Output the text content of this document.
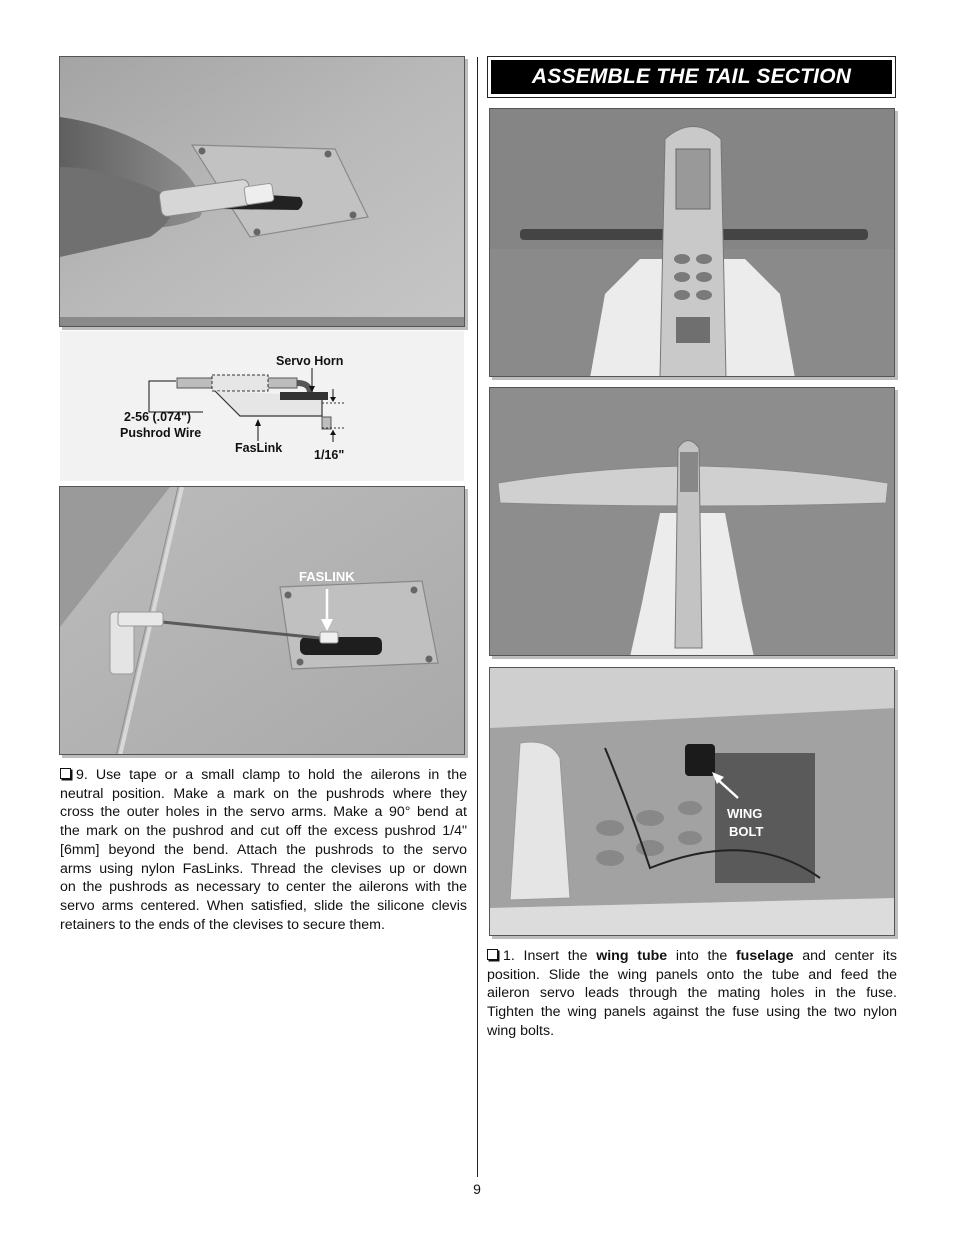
Servo Horn
2-56 (.074")
Pushrod Wire
FasLink	1/16"
FASLINK
9. Use tape or a small clamp to hold the ailerons in the
neutral position. Make a mark on the pushrods where they
cross the outer holes in the servo arms. Make a 90° bend at
the mark on the pushrod and cut off the excess pushrod 1/4"
[6mm] beyond the bend. Attach the pushrods to the servo
arms using nylon FasLinks. Thread the clevises up or down
on the pushrods as necessary to center the ailerons with the
servo arms centered. When satisfied, slide the silicone clevis
retainers to the ends of the clevises to secure them.
ASSEMBLE THE TAIL SECTION
WING
BOLT
1. Insert the wing tube into the fuselage and center its
position. Slide the wing panels onto the tube and feed the
aileron servo leads through the mating holes in the fuse.
Tighten the wing panels against the fuse using the two nylon
wing bolts.
9
